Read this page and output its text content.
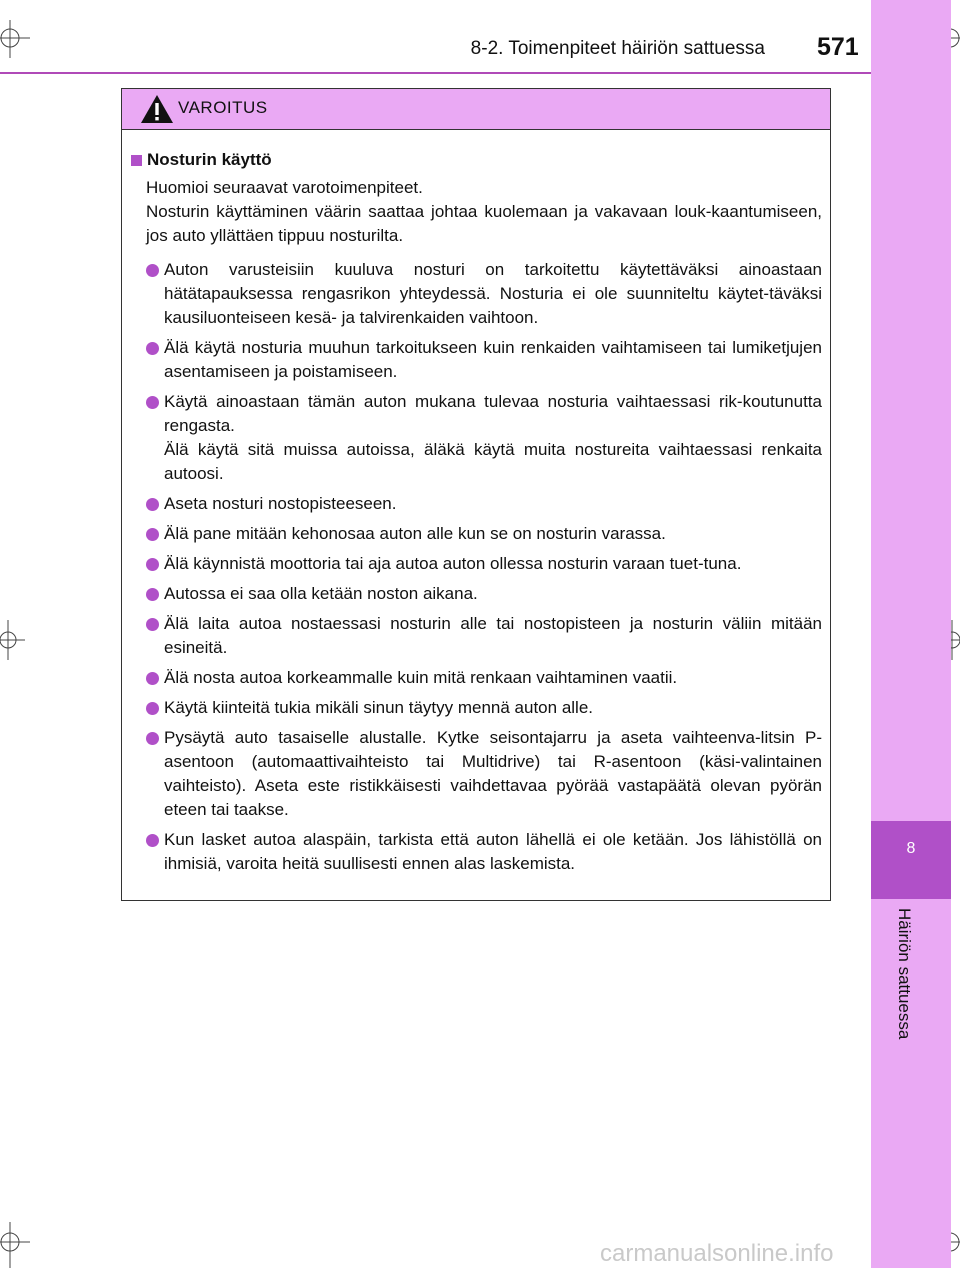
8
Häiriön sattuessa
8-2. Toimenpiteet häiriön sattuessa 571
VAROITUS
Nosturin käyttö
Huomioi seuraavat varotoimenpiteet.
Nosturin käyttäminen väärin saattaa johtaa kuolemaan ja vakavaan louk-kaantumiseen, jos auto yllättäen tippuu nosturilta.
Auton varusteisiin kuuluva nosturi on tarkoitettu käytettäväksi ainoastaan hätätapauksessa rengasrikon yhteydessä. Nosturia ei ole suunniteltu käytet-täväksi kausiluonteiseen kesä- ja talvirenkaiden vaihtoon.
Älä käytä nosturia muuhun tarkoitukseen kuin renkaiden vaihtamiseen tai lumiketjujen asentamiseen ja poistamiseen.
Käytä ainoastaan tämän auton mukana tulevaa nosturia vaihtaessasi rik-koutunutta rengasta.
Älä käytä sitä muissa autoissa, äläkä käytä muita nostureita vaihtaessasi renkaita autoosi.
Aseta nosturi nostopisteeseen.
Älä pane mitään kehonosaa auton alle kun se on nosturin varassa.
Älä käynnistä moottoria tai aja autoa auton ollessa nosturin varaan tuet-tuna.
Autossa ei saa olla ketään noston aikana.
Älä laita autoa nostaessasi nosturin alle tai nostopisteen ja nosturin väliin mitään esineitä.
Älä nosta autoa korkeammalle kuin mitä renkaan vaihtaminen vaatii.
Käytä kiinteitä tukia mikäli sinun täytyy mennä auton alle.
Pysäytä auto tasaiselle alustalle. Kytke seisontajarru ja aseta vaihteenva-litsin P-asentoon (automaattivaihteisto tai Multidrive) tai R-asentoon (käsi-valintainen vaihteisto). Aseta este ristikkäisesti vaihdettavaa pyörää vastapäätä olevan pyörän eteen tai taakse.
Kun lasket autoa alaspäin, tarkista että auton lähellä ei ole ketään. Jos lähistöllä on ihmisiä, varoita heitä suullisesti ennen alas laskemista.
carmanualsonline.info
